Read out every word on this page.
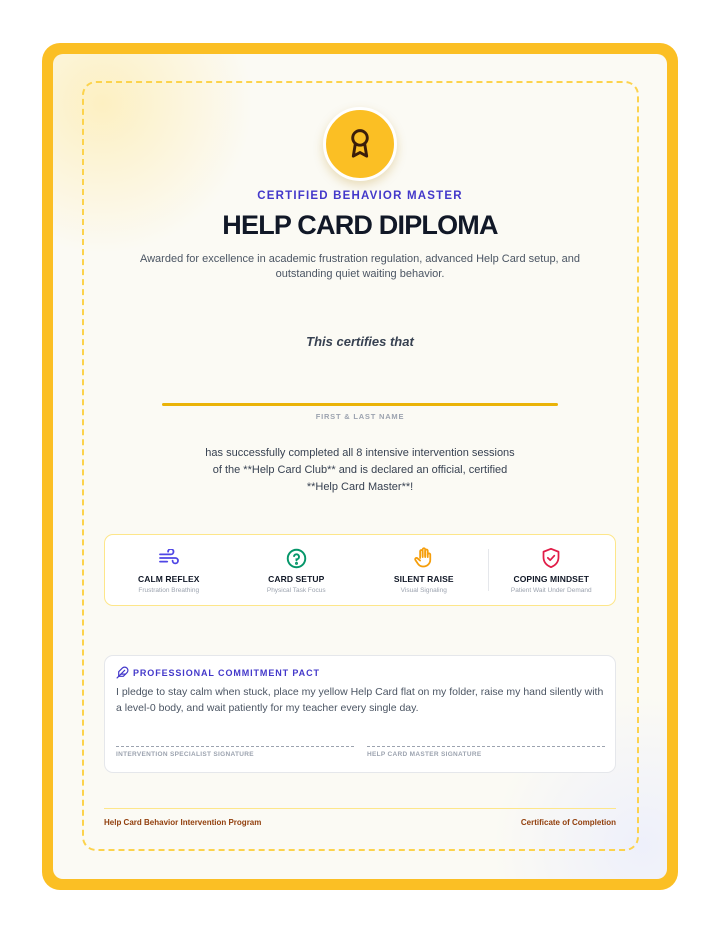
CERTIFIED BEHAVIOR MASTER
HELP CARD DIPLOMA
Awarded for excellence in academic frustration regulation, advanced Help Card setup, and outstanding quiet waiting behavior.
This certifies that
FIRST & LAST NAME
has successfully completed all 8 intensive intervention sessions of the **Help Card Club** and is declared an official, certified **Help Card Master**!
CALM REFLEX
Frustration Breathing
CARD SETUP
Physical Task Focus
SILENT RAISE
Visual Signaling
COPING MINDSET
Patient Wait Under Demand
PROFESSIONAL COMMITMENT PACT
I pledge to stay calm when stuck, place my yellow Help Card flat on my folder, raise my hand silently with a level-0 body, and wait patiently for my teacher every single day.
INTERVENTION SPECIALIST SIGNATURE	HELP CARD MASTER SIGNATURE
Help Card Behavior Intervention Program	Certificate of Completion
